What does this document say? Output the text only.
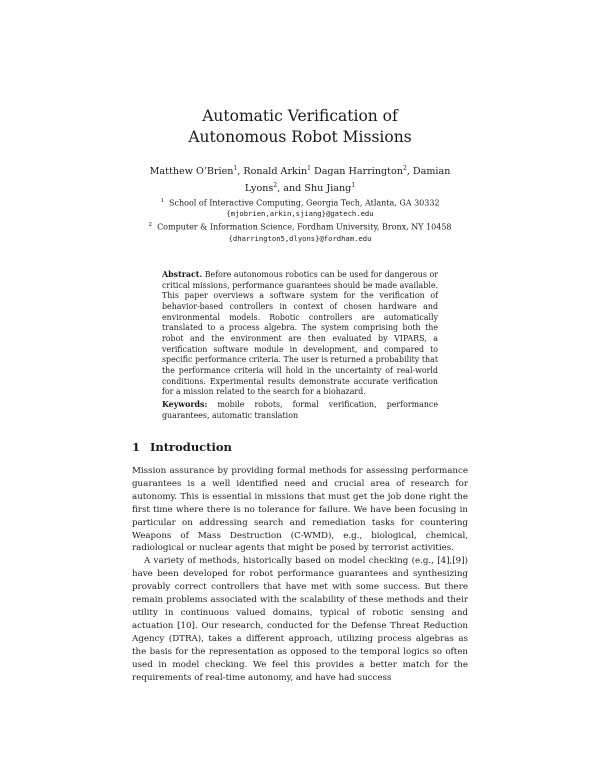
Automatic Verification of
Autonomous Robot Missions
Matthew O’Brien$^1$, Ronald Arkin$^1$ Dagan Harrington$^2$, Damian Lyons$^2$, and Shu Jiang$^1$
$^1$ School of Interactive Computing, Georgia Tech, Atlanta, GA 30332
{mjobrien,arkin,sjiang}@gatech.edu
$^2$ Computer & Information Science, Fordham University, Bronx, NY 10458
{dharrington5,dlyons}@fordham.edu
Abstract. Before autonomous robotics can be used for dangerous or critical missions, performance guarantees should be made available. This paper overviews a software system for the verification of behavior-based controllers in context of chosen hardware and environmental models. Robotic controllers are automatically translated to a process algebra. The system comprising both the robot and the environment are then evaluated by VIPARS, a verification software module in development, and compared to specific performance criteria. The user is returned a probability that the performance criteria will hold in the uncertainty of real-world conditions. Experimental results demonstrate accurate verification for a mission related to the search for a biohazard.
Keywords: mobile robots, formal verification, performance guarantees, automatic translation
1 Introduction

Mission assurance by providing formal methods for assessing performance guarantees is a well identified need and crucial area of research for autonomy. This is essential in missions that must get the job done right the first time where there is no tolerance for failure. We have been focusing in particular on addressing search and remediation tasks for countering Weapons of Mass Destruction (C-WMD), e.g., biological, chemical, radiological or nuclear agents that might be posed by terrorist activities.

A variety of methods, historically based on model checking (e.g., [4],[9]) have been developed for robot performance guarantees and synthesizing provably correct controllers that have met with some success. But there remain problems associated with the scalability of these methods and their utility in continuous valued domains, typical of robotic sensing and actuation [10]. Our research, conducted for the Defense Threat Reduction Agency (DTRA), takes a different approach, utilizing process algebras as the basis for the representation as opposed to the temporal logics so often used in model checking. We feel this provides a better match for the requirements of real-time autonomy, and have had success
